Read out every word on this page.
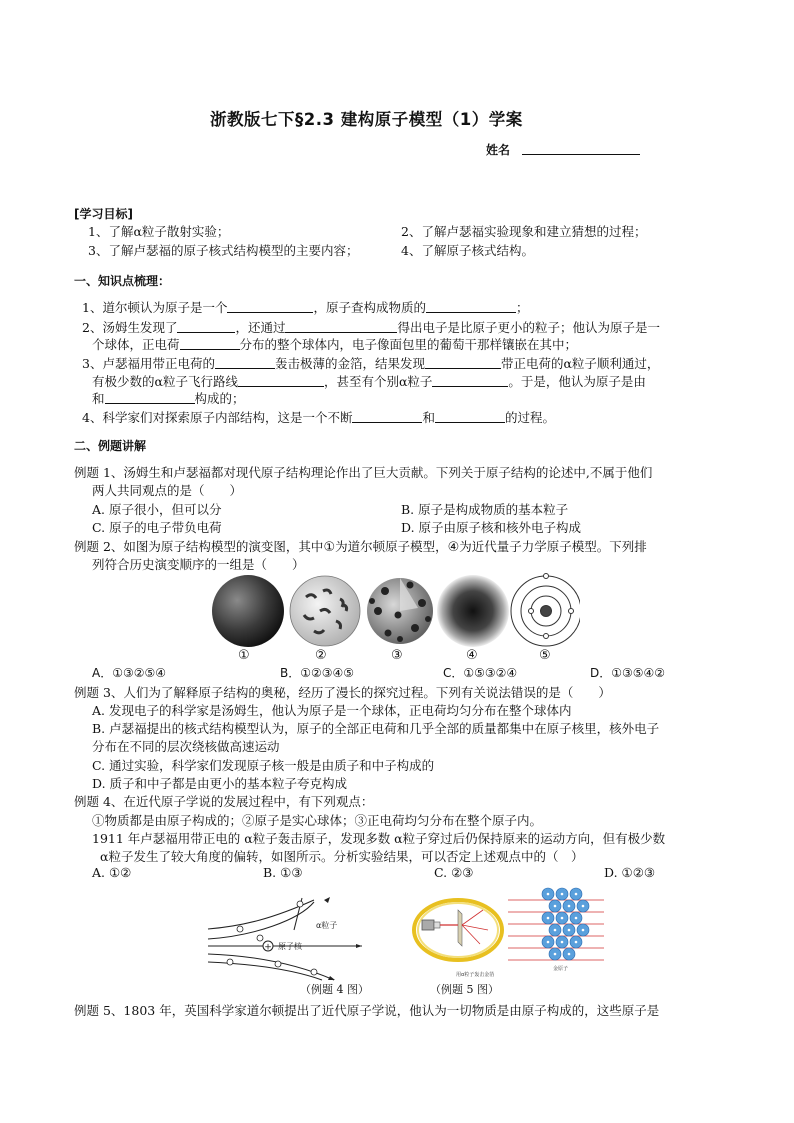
浙教版七下§2.3 建构原子模型（1）学案
姓名
[学习目标]
1、了解α粒子散射实验；	2、了解卢瑟福实验现象和建立猜想的过程；
3、了解卢瑟福的原子核式结构模型的主要内容；	4、了解原子核式结构。
一、知识点梳理：
1、道尔顿认为原子是一个	，原子查构成物质的	；
2、汤姆生发现了	，还通过	得出电子是比原子更小的粒子；他认为原子是一
个球体，正电荷	分布的整个球体内，电子像面包里的葡萄干那样镶嵌在其中；
3、卢瑟福用带正电荷的	轰击极薄的金箔，结果发现	带正电荷的α粒子顺利通过，
有极少数的α粒子飞行路线	，甚至有个别α粒子	。于是，他认为原子是由
和	构成的；
4、科学家们对探索原子内部结构，这是一个不断	和	的过程。
二、例题讲解
例题 1、汤姆生和卢瑟福都对现代原子结构理论作出了巨大贡献。下列关于原子结构的论述中,不属于他们
两人共同观点的是（　　）
A. 原子很小，但可以分	B. 原子是构成物质的基本粒子
C. 原子的电子带负电荷	D. 原子由原子核和核外电子构成
例题 2、如图为原子结构模型的演变图，其中①为道尔顿原子模型，④为近代量子力学原子模型。下列排
列符合历史演变顺序的一组是（　　）
①	②	③	④	⑤
A．①③②⑤④	B．①②③④⑤	C．①⑤③②④	D．①③⑤④②
例题 3、人们为了解释原子结构的奥秘，经历了漫长的探究过程。下列有关说法错误的是（　　）
A. 发现电子的科学家是汤姆生，他认为原子是一个球体，正电荷均匀分布在整个球体内
B. 卢瑟福提出的核式结构模型认为，原子的全部正电荷和几乎全部的质量都集中在原子核里，核外电子
分布在不同的层次绕核做高速运动
C. 通过实验，科学家们发现原子核一般是由质子和中子构成的
D. 质子和中子都是由更小的基本粒子夸克构成
例题 4、在近代原子学说的发展过程中，有下列观点：
①物质都是由原子构成的；②原子是实心球体；③正电荷均匀分布在整个原子内。
1911 年卢瑟福用带正电的 α粒子轰击原子，发现多数 α粒子穿过后仍保持原来的运动方向，但有极少数
α粒子发生了较大角度的偏转，如图所示。分析实验结果，可以否定上述观点中的（　）
A. ①②	B. ①③	C. ②③	D. ①②③
+
α粒子
原子核
（例题 4 图）
用α粒子轰击金箔
金原子
（例题 5 图）
例题 5、1803 年，英国科学家道尔顿提出了近代原子学说，他认为一切物质是由原子构成的，这些原子是
